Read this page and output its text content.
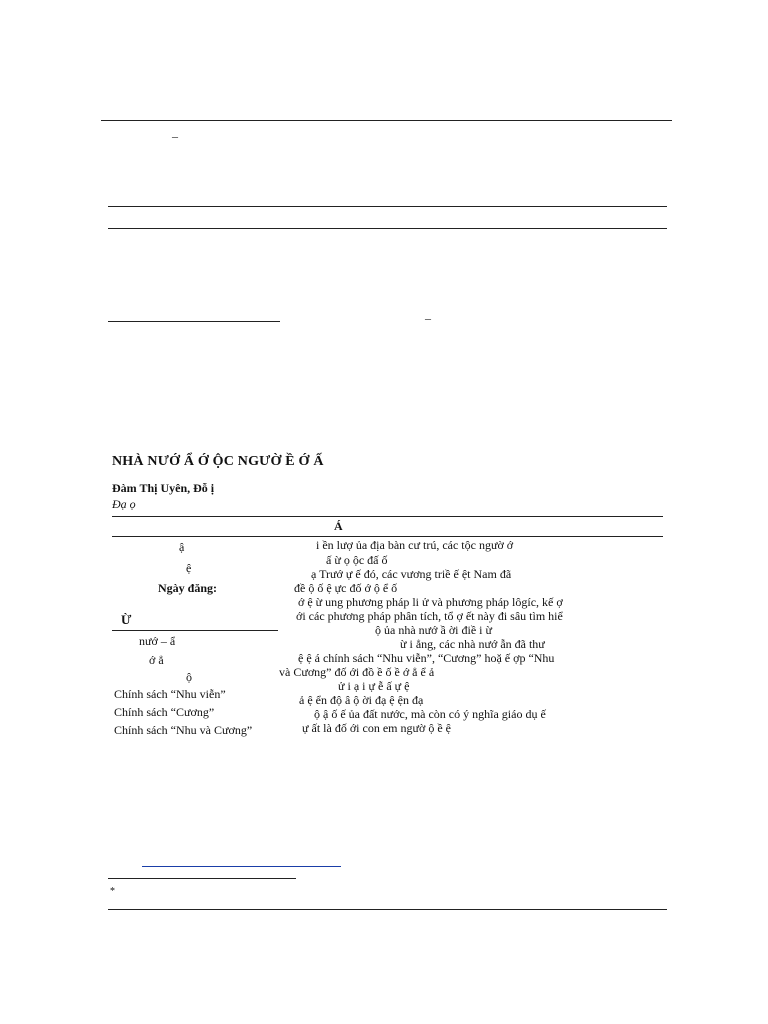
–
–
NHÀ NƯỚ Ẩ Ớ ỘC NGƯỜ Ề Ớ Ấ
Đàm Thị Uyên, Đỗ ị
Đạ ọ
Á
ậ
ệ
Ngày đăng:
Ừ
nướ – ẩ
ớ ẳ
ộ
Chính sách “Nhu viễn”
Chính sách “Cương”
Chính sách “Nhu và Cương”
i ền lượ ủa địa bàn cư trú, các tộc ngườ ớ
ấ ừ ọ ộc đấ ố
ạ Trướ ự ế đó, các vương triề ế ệt Nam đã
đề ộ ố ệ ực đố ớ ộ ể ố
ớ ệ ừ ung phương pháp li ử và phương pháp lôgíc, kế ợ
ới các phương pháp phân tích, tổ ợ ết này đi sâu tìm hiể
ộ ủa nhà nướ ầ ời điề i ừ
ừ i ẳng, các nhà nướ ẫn đã thư
ệ ệ á chính sách “Nhu viễn”, “Cương” hoặ ế ợp “Nhu
và Cương” đố ới đồ ề ố ề ớ ẳ ể ả
ử i ạ i ự ễ ấ ự ệ
ả ệ ển độ â ộ ời đạ ệ ện đạ
ộ ậ ố ế ủa đất nước, mà còn có ý nghĩa giáo dụ ế
ự ất là đố ới con em ngườ ộ ề ệ
*
